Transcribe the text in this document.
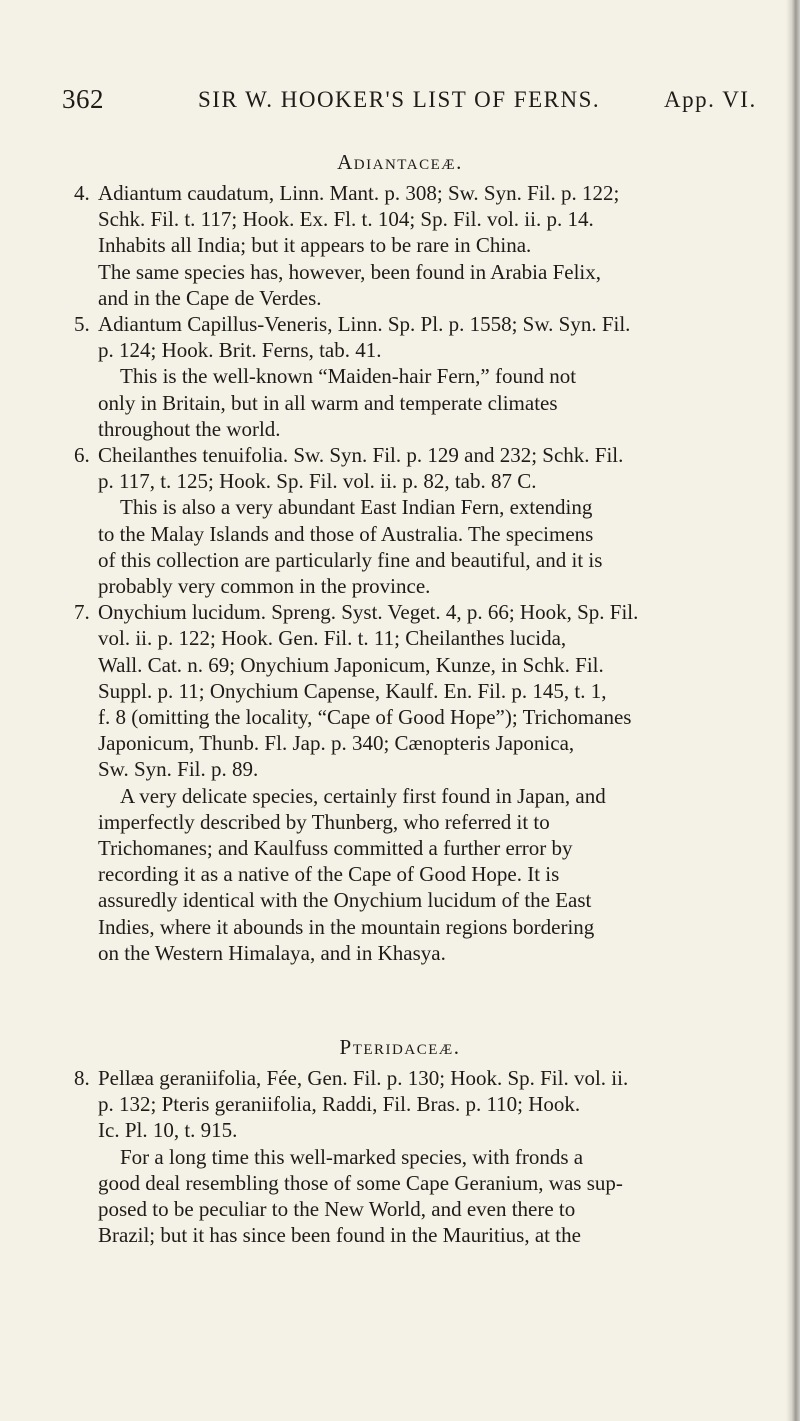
362	SIR W. HOOKER'S LIST OF FERNS.	App. VI.
Adiantaceæ.
4. Adiantum caudatum, Linn. Mant. p. 308; Sw. Syn. Fil. p. 122;
Schk. Fil. t. 117; Hook. Ex. Fl. t. 104; Sp. Fil. vol. ii. p. 14.
Inhabits all India; but it appears to be rare in China.
The same species has, however, been found in Arabia Felix,
and in the Cape de Verdes.
5. Adiantum Capillus-Veneris, Linn. Sp. Pl. p. 1558; Sw. Syn. Fil.
p. 124; Hook. Brit. Ferns, tab. 41.
This is the well-known “Maiden-hair Fern,” found not
only in Britain, but in all warm and temperate climates
throughout the world.
6. Cheilanthes tenuifolia. Sw. Syn. Fil. p. 129 and 232; Schk. Fil.
p. 117, t. 125; Hook. Sp. Fil. vol. ii. p. 82, tab. 87 C.
This is also a very abundant East Indian Fern, extending
to the Malay Islands and those of Australia. The specimens
of this collection are particularly fine and beautiful, and it is
probably very common in the province.
7. Onychium lucidum. Spreng. Syst. Veget. 4, p. 66; Hook, Sp. Fil.
vol. ii. p. 122; Hook. Gen. Fil. t. 11; Cheilanthes lucida,
Wall. Cat. n. 69; Onychium Japonicum, Kunze, in Schk. Fil.
Suppl. p. 11; Onychium Capense, Kaulf. En. Fil. p. 145, t. 1,
f. 8 (omitting the locality, “Cape of Good Hope”); Trichomanes
Japonicum, Thunb. Fl. Jap. p. 340; Cænopteris Japonica,
Sw. Syn. Fil. p. 89.
A very delicate species, certainly first found in Japan, and
imperfectly described by Thunberg, who referred it to
Trichomanes; and Kaulfuss committed a further error by
recording it as a native of the Cape of Good Hope. It is
assuredly identical with the Onychium lucidum of the East
Indies, where it abounds in the mountain regions bordering
on the Western Himalaya, and in Khasya.
Pteridaceæ.
8. Pellæa geraniifolia, Fée, Gen. Fil. p. 130; Hook. Sp. Fil. vol. ii.
p. 132; Pteris geraniifolia, Raddi, Fil. Bras. p. 110; Hook.
Ic. Pl. 10, t. 915.
For a long time this well-marked species, with fronds a
good deal resembling those of some Cape Geranium, was sup-
posed to be peculiar to the New World, and even there to
Brazil; but it has since been found in the Mauritius, at the
